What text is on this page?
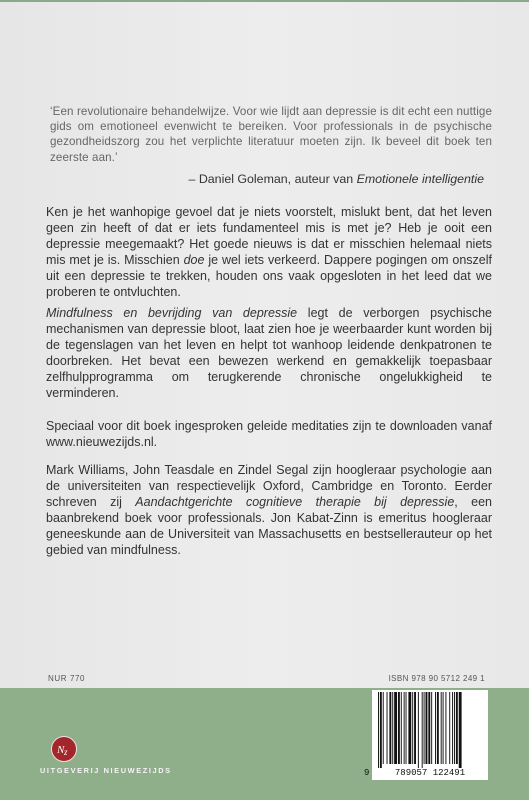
‘Een revolutionaire behandelwijze. Voor wie lijdt aan depressie is dit echt een nuttige gids om emotioneel evenwicht te bereiken. Voor professionals in de psychische gezondheidszorg zou het verplichte literatuur moeten zijn. Ik beveel dit boek ten zeerste aan.’
– Daniel Goleman, auteur van Emotionele intelligentie

Ken je het wanhopige gevoel dat je niets voorstelt, mislukt bent, dat het leven geen zin heeft of dat er iets fundamenteel mis is met je? Heb je ooit een depressie meegemaakt? Het goede nieuws is dat er misschien helemaal niets mis met je is. Misschien doe je wel iets verkeerd. Dappere pogingen om onszelf uit een depressie te trekken, houden ons vaak opgesloten in het leed dat we proberen te ontvluchten.

Mindfulness en bevrijding van depressie legt de verborgen psychische mechanismen van depressie bloot, laat zien hoe je weerbaarder kunt worden bij de tegenslagen van het leven en helpt tot wanhoop leidende denkpatronen te doorbreken. Het bevat een bewezen werkend en gemakkelijk toepasbaar zelfhulpprogramma om terugkerende chronische ongelukkigheid te verminderen.

Speciaal voor dit boek ingesproken geleide meditaties zijn te downloaden vanaf www.nieuwezijds.nl.

Mark Williams, John Teasdale en Zindel Segal zijn hoogleraar psychologie aan de universiteiten van respectievelijk Oxford, Cambridge en Toronto. Eerder schreven zij Aandachtgerichte cognitieve therapie bij depressie, een baanbrekend boek voor professionals. Jon Kabat-Zinn is emeritus hoogleraar geneeskunde aan de Universiteit van Massachusetts en bestsellerauteur op het gebied van mindfulness.

NUR 770	ISBN 978 90 5712 249 1
N z
UITGEVERIJ NIEUWEZIJDS	9	789057 122491
